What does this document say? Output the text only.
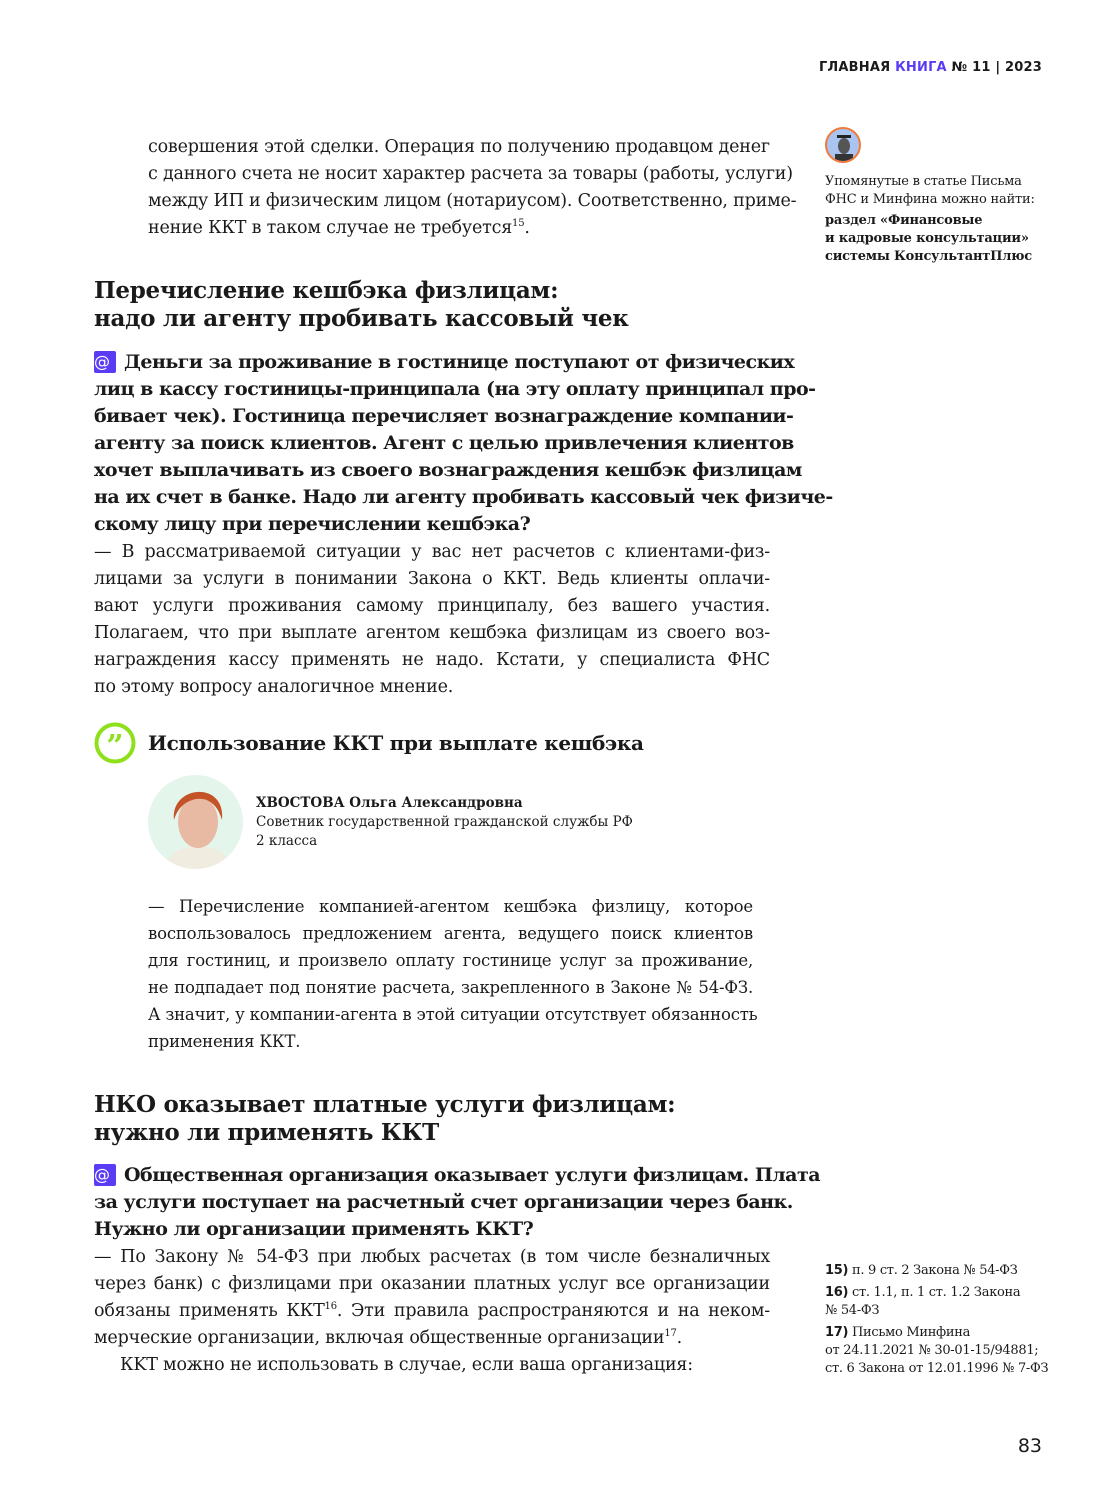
ГЛАВНАЯ КНИГА № 11 | 2023
совершения этой сделки. Операция по получению продавцом денег
с данного счета не носит характер расчета за товары (работы, услуги)
между ИП и физическим лицом (нотариусом). Соответственно, приме-
нение ККТ в таком случае не требуется$^{15}$.
Перечисление кешбэка физлицам:
надо ли агенту пробивать кассовый чек
@ Деньги за проживание в гостинице поступают от физических
лиц в кассу гостиницы-принципала (на эту оплату принципал про-
бивает чек). Гостиница перечисляет вознаграждение компании-
агенту за поиск клиентов. Агент с целью привлечения клиентов
хочет выплачивать из своего вознаграждения кешбэк физлицам
на их счет в банке. Надо ли агенту пробивать кассовый чек физиче-
скому лицу при перечислении кешбэка?
— В рассматриваемой ситуации у вас нет расчетов с клиентами-физ-
лицами за услуги в понимании Закона о ККТ. Ведь клиенты оплачи-
вают услуги проживания самому принципалу, без вашего участия.
Полагаем, что при выплате агентом кешбэка физлицам из своего воз-
награждения кассу применять не надо. Кстати, у специалиста ФНС
по этому вопросу аналогичное мнение.
” Использование ККТ при выплате кешбэка
ХВОСТОВА Ольга Александровна
Советник государственной гражданской службы РФ
2 класса
— Перечисление компанией-агентом кешбэка физлицу, которое
воспользовалось предложением агента, ведущего поиск клиентов
для гостиниц, и произвело оплату гостинице услуг за проживание,
не подпадает под понятие расчета, закрепленного в Законе № 54-ФЗ.
А значит, у компании-агента в этой ситуации отсутствует обязанность
применения ККТ.
НКО оказывает платные услуги физлицам:
нужно ли применять ККТ
@ Общественная организация оказывает услуги физлицам. Плата
за услуги поступает на расчетный счет организации через банк.
Нужно ли организации применять ККТ?
— По Закону № 54-ФЗ при любых расчетах (в том числе безналичных
через банк) с физлицами при оказании платных услуг все организации
обязаны применять ККТ$^{16}$. Эти правила распространяются и на неком-
мерческие организации, включая общественные организации$^{17}$.
КKT можно не использовать в случае, если ваша организация:
Упомянутые в статье Письма
ФНС и Минфина можно найти:
раздел «Финансовые
и кадровые консультации»
системы КонсультантПлюс
15) п. 9 ст. 2 Закона № 54-ФЗ
16) ст. 1.1, п. 1 ст. 1.2 Закона
№ 54-ФЗ
17) Письмо Минфина
от 24.11.2021 № 30-01-15/94881;
ст. 6 Закона от 12.01.1996 № 7-ФЗ
83
